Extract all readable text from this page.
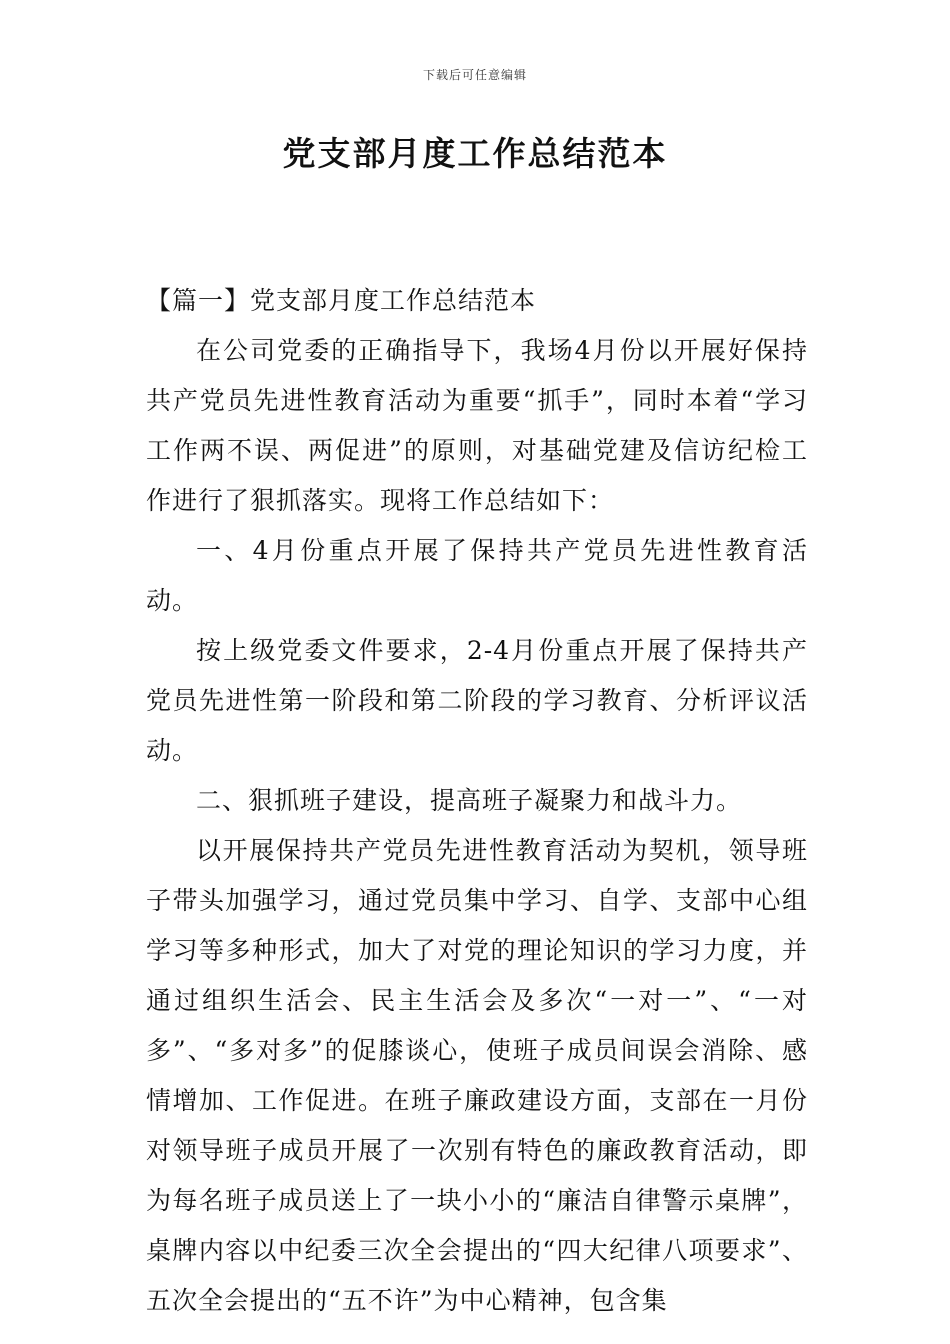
下载后可任意编辑
党支部月度工作总结范本

【篇一】党支部月度工作总结范本

在公司党委的正确指导下，我场4月份以开展好保持共产党员先进性教育活动为重要“抓手”，同时本着“学习工作两不误、两促进”的原则，对基础党建及信访纪检工作进行了狠抓落实。现将工作总结如下：

一、4月份重点开展了保持共产党员先进性教育活动。

按上级党委文件要求，2-4月份重点开展了保持共产党员先进性第一阶段和第二阶段的学习教育、分析评议活动。

二、狠抓班子建设，提高班子凝聚力和战斗力。

以开展保持共产党员先进性教育活动为契机，领导班子带头加强学习，通过党员集中学习、自学、支部中心组学习等多种形式，加大了对党的理论知识的学习力度，并通过组织生活会、民主生活会及多次“一对一”、“一对多”、“多对多”的促膝谈心，使班子成员间误会消除、感情增加、工作促进。在班子廉政建设方面，支部在一月份对领导班子成员开展了一次别有特色的廉政教育活动，即为每名班子成员送上了一块小小的“廉洁自律警示桌牌”，桌牌内容以中纪委三次全会提出的“四大纪律八项要求”、五次全会提出的“五不许”为中心精神，包含集
